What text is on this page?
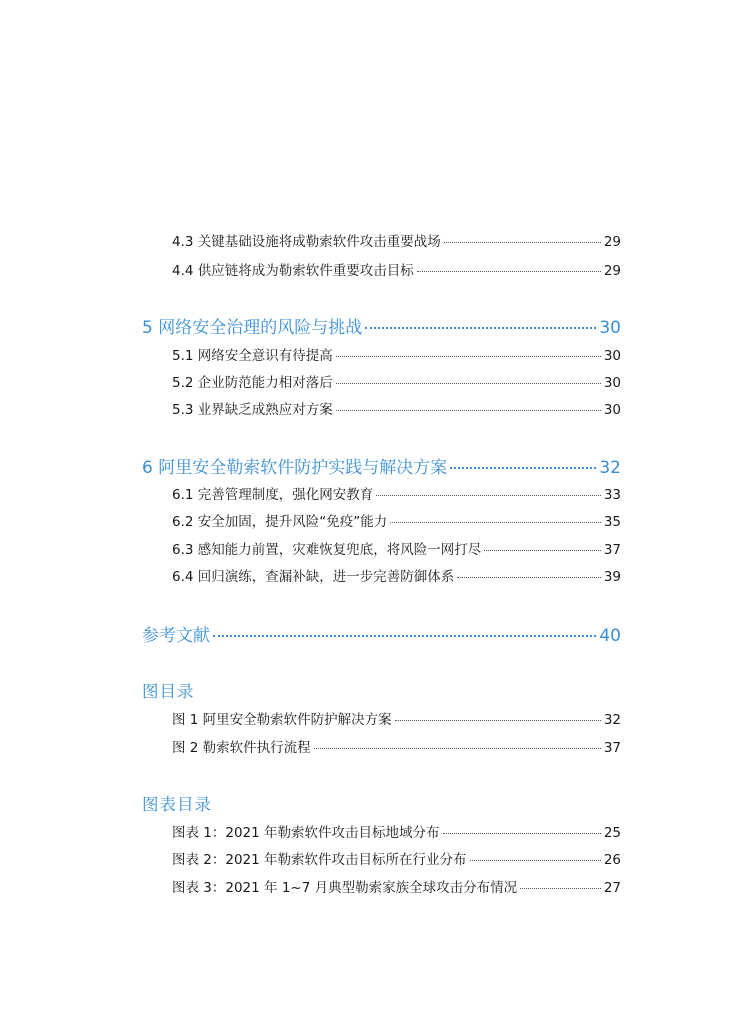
4.3 关键基础设施将成勒索软件攻击重要战场	29
4.4 供应链将成为勒索软件重要攻击目标	29
5 网络安全治理的风险与挑战	30
5.1 网络安全意识有待提高	30
5.2 企业防范能力相对落后	30
5.3 业界缺乏成熟应对方案	30
6 阿里安全勒索软件防护实践与解决方案	32
6.1 完善管理制度，强化网安教育	33
6.2 安全加固，提升风险“免疫”能力	35
6.3 感知能力前置，灾难恢复兜底，将风险一网打尽	37
6.4 回归演练，查漏补缺，进一步完善防御体系	39
参考文献	40
图目录
图 1 阿里安全勒索软件防护解决方案	32
图 2 勒索软件执行流程	37
图表目录
图表 1：2021 年勒索软件攻击目标地域分布	25
图表 2：2021 年勒索软件攻击目标所在行业分布	26
图表 3：2021 年 1~7 月典型勒索家族全球攻击分布情况	27
